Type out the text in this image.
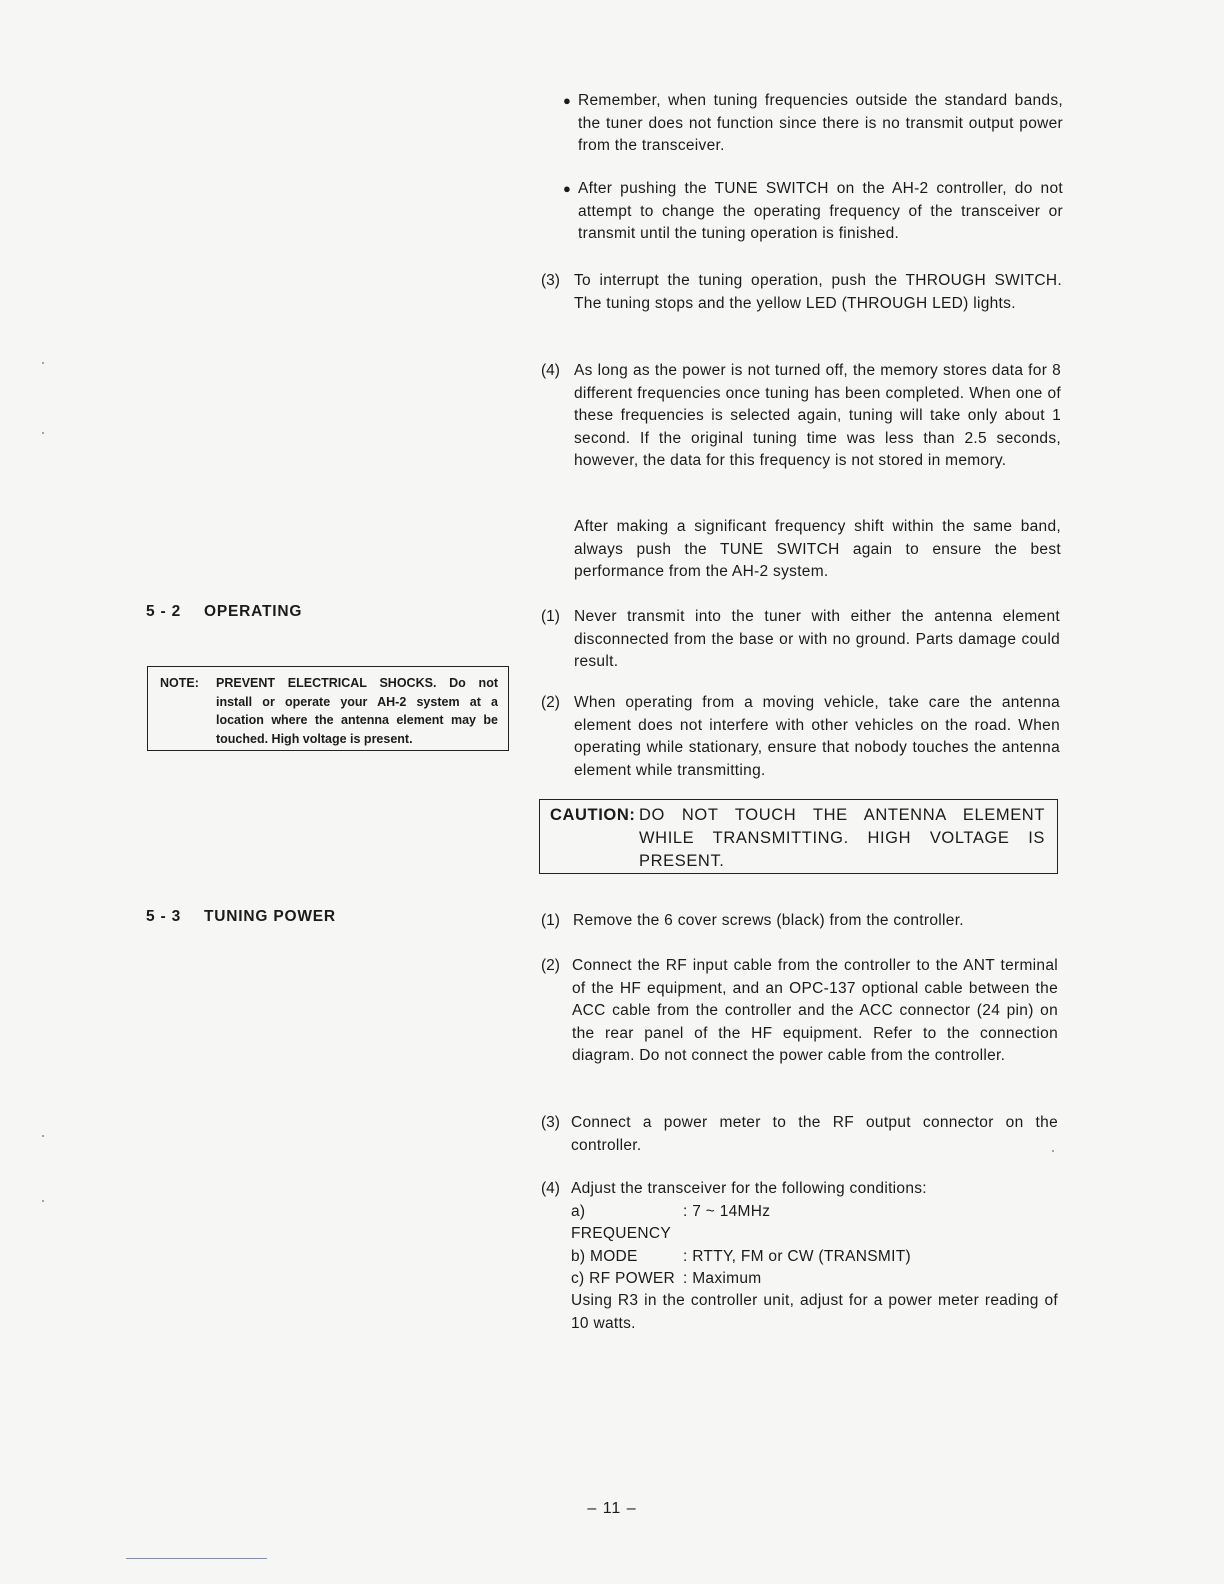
● Remember, when tuning frequencies outside the standard bands, the tuner does not function since there is no transmit output power from the transceiver.

● After pushing the TUNE SWITCH on the AH-2 controller, do not attempt to change the operating frequency of the transceiver or transmit until the tuning operation is finished.

(3) To interrupt the tuning operation, push the THROUGH SWITCH. The tuning stops and the yellow LED (THROUGH LED) lights.

(4) As long as the power is not turned off, the memory stores data for 8 different frequencies once tuning has been completed. When one of these frequencies is selected again, tuning will take only about 1 second. If the original tuning time was less than 2.5 seconds, however, the data for this frequency is not stored in memory.

After making a significant frequency shift within the same band, always push the TUNE SWITCH again to ensure the best performance from the AH-2 system.

5 - 2 OPERATING
NOTE: PREVENT ELECTRICAL SHOCKS. Do not install or operate your AH-2 system at a location where the antenna element may be touched. High voltage is present.
(1) Never transmit into the tuner with either the antenna element disconnected from the base or with no ground. Parts damage could result.

(2) When operating from a moving vehicle, take care the antenna element does not interfere with other vehicles on the road. When operating while stationary, ensure that nobody touches the antenna element while transmitting.

CAUTION: DO NOT TOUCH THE ANTENNA ELEMENT WHILE TRANSMITTING. HIGH VOLTAGE IS PRESENT.
5 - 3 TUNING POWER	(1) Remove the 6 cover screws (black) from the controller.

(2) Connect the RF input cable from the controller to the ANT terminal of the HF equipment, and an OPC-137 optional cable between the ACC cable from the controller and the ACC connector (24 pin) on the rear panel of the HF equipment. Refer to the connection diagram. Do not connect the power cable from the controller.

(3) Connect a power meter to the RF output connector on the controller.

(4) Adjust the transceiver for the following conditions:

a) FREQUENCY
: 7 ~ 14MHz
b) MODE	: RTTY, FM or CW (TRANSMIT)
c) RF POWER : Maximum

Using R3 in the controller unit, adjust for a power meter reading of 10 watts.

– 11 –
